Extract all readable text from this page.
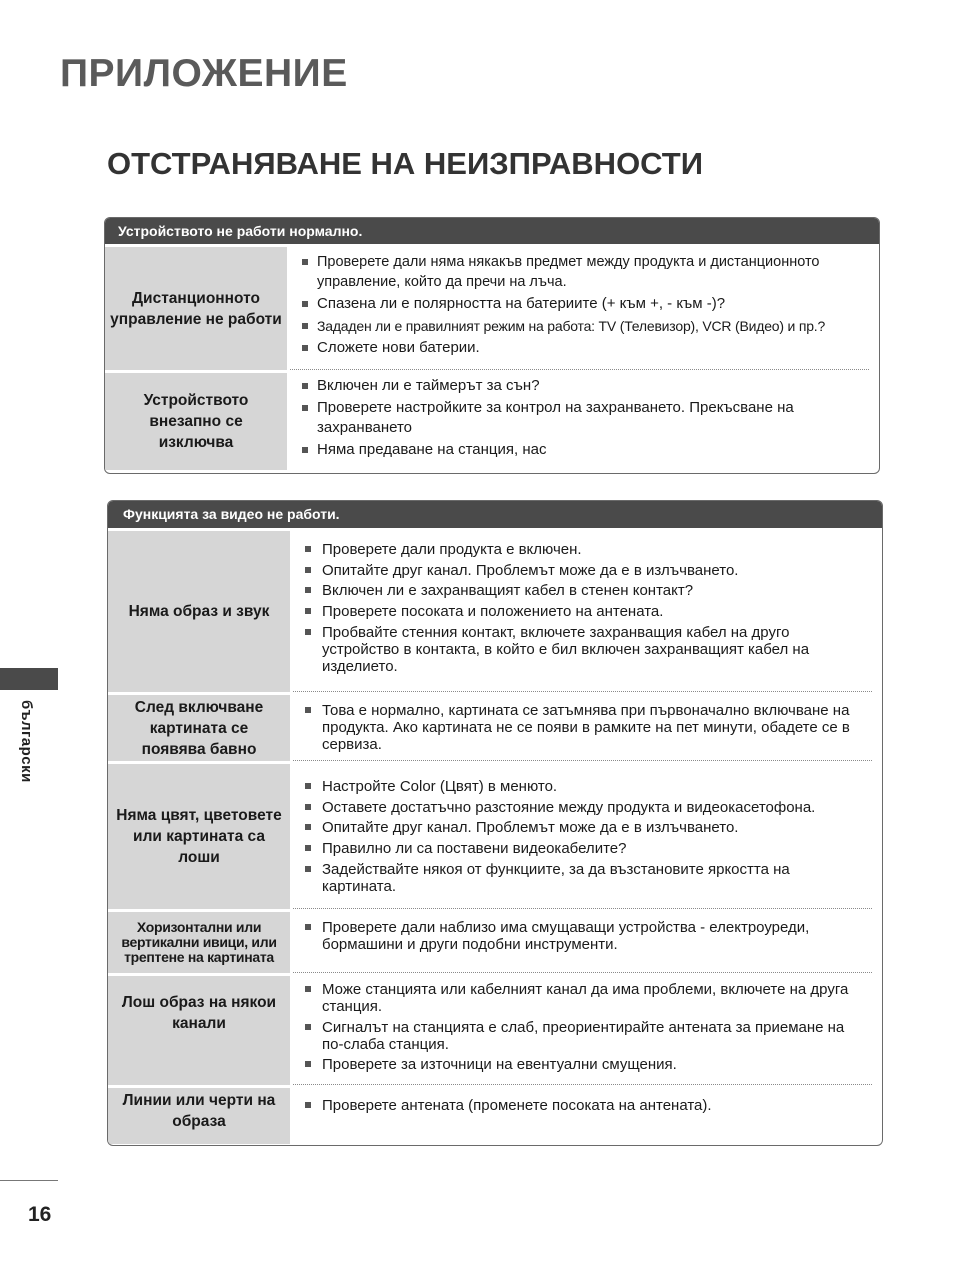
ПРИЛОЖЕНИЕ
ОТСТРАНЯВАНЕ НА НЕИЗПРАВНОСТИ
Устройството не работи нормално.
Дистанционното управление не работи
Проверете дали няма някакъв предмет между продукта и дистанционното управление, който да пречи на лъча.
Спазена ли е полярността на батериите (+ към +, - към -)?
Зададен ли е правилният режим на работа: TV (Телевизор), VCR (Видео) и пр.?
Сложете нови батерии.
Устройството внезапно се изключва
Включен ли е таймерът за сън?
Проверете настройките за контрол на захранването. Прекъсване на захранването
Няма предаване на станция, нас
Функцията за видео не работи.
Няма образ и звук
Проверете дали продукта е включен.
Опитайте друг канал. Проблемът може да е в излъчването.
Включен ли е захранващият кабел в стенен контакт?
Проверете посоката и положението на антената.
Пробвайте стенния контакт, включете захранващия кабел на друго устройство в контакта, в който е бил включен захранващият кабел на изделието.
След включване картината се появява бавно
Това е нормално, картината се затъмнява при първоначално включване на продукта. Ако картината не се появи в рамките на пет минути, обадете се в сервиза.
Няма цвят, цветовете или картината са лоши
Настройте Color (Цвят) в менюто.
Оставете достатъчно разстояние между продукта и видеокасетофона.
Опитайте друг канал. Проблемът може да е в излъчването.
Правилно ли са поставени видеокабелите?
Задействайте някоя от функциите, за да възстановите яркостта на картината.
Хоризонтални или вертикални ивици, или трептене на картината
Проверете дали наблизо има смущаващи устройства - електроуреди, бормашини и други подобни инструменти.
Лош образ на някои канали
Може станцията или кабелният канал да има проблеми, включете на друга станция.
Сигналът на станцията е слаб, преориентирайте антената за приемане на по-слаба станция.
Проверете за източници на евентуални смущения.
Линии или черти на образа
Проверете антената (променете посоката на антената).
български
16
